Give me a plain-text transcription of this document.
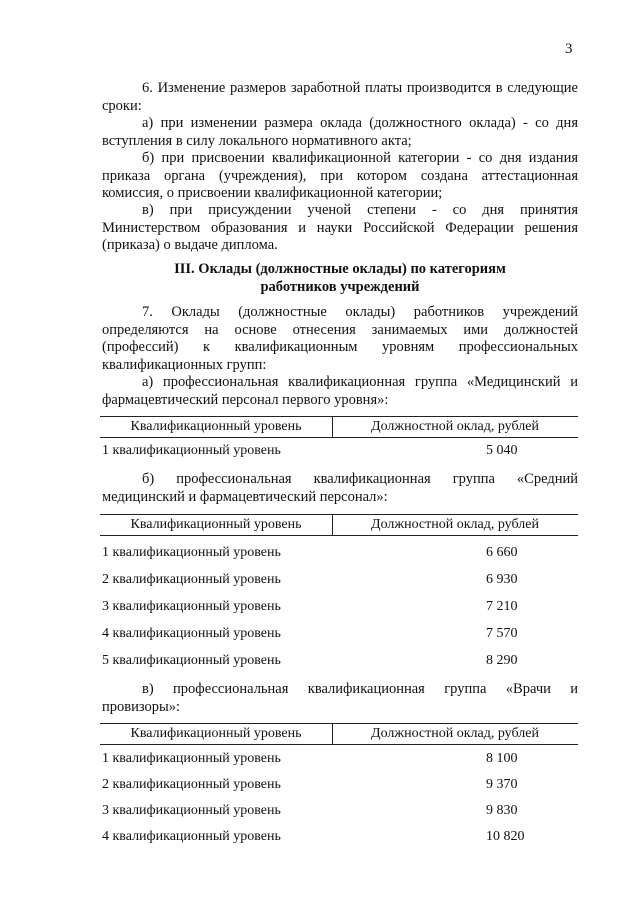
3
6. Изменение размеров заработной платы производится в следующие сроки:
а) при изменении размера оклада (должностного оклада) - со дня вступления в силу локального нормативного акта;
б) при присвоении квалификационной категории - со дня издания приказа органа (учреждения), при котором создана аттестационная комиссия, о присвоении квалификационной категории;
в) при присуждении ученой степени - со дня принятия Министерством образования и науки Российской Федерации решения (приказа) о выдаче диплома.
III. Оклады (должностные оклады) по категориям работников учреждений
7. Оклады (должностные оклады) работников учреждений определяются на основе отнесения занимаемых ими должностей (профессий) к квалификационным уровням профессиональных квалификационных групп:
а) профессиональная квалификационная группа «Медицинский и фармацевтический персонал первого уровня»:
Квалификационный уровень	Должностной оклад, рублей
1 квалификационный уровень	5 040
б) профессиональная квалификационная группа «Средний медицинский и фармацевтический персонал»:
Квалификационный уровень	Должностной оклад, рублей
1 квалификационный уровень	6 660
2 квалификационный уровень	6 930
3 квалификационный уровень	7 210
4 квалификационный уровень	7 570
5 квалификационный уровень	8 290
в) профессиональная квалификационная группа «Врачи и провизоры»:
Квалификационный уровень	Должностной оклад, рублей
1 квалификационный уровень	8 100
2 квалификационный уровень	9 370
3 квалификационный уровень	9 830
4 квалификационный уровень	10 820
